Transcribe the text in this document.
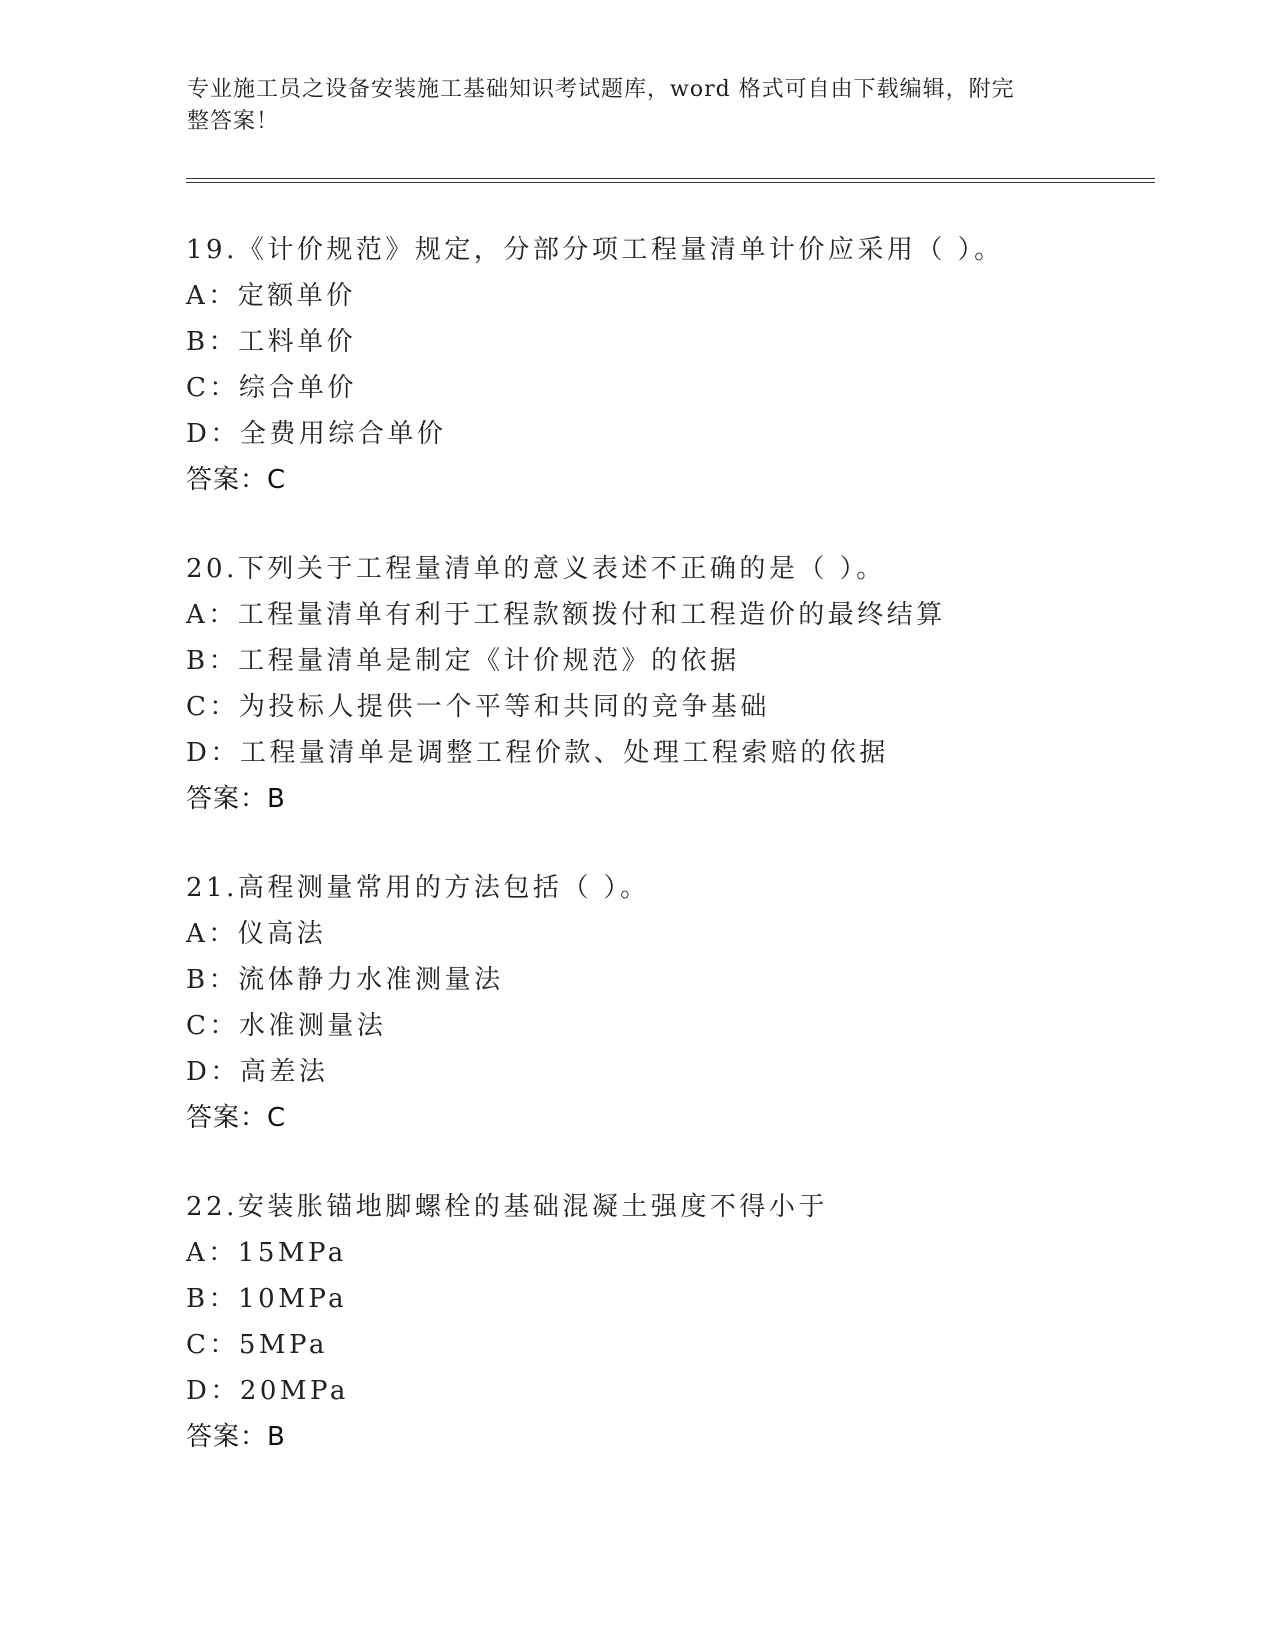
专业施工员之设备安装施工基础知识考试题库，word 格式可自由下载编辑，附完
整答案！
19.《计价规范》规定，分部分项工程量清单计价应采用（ ）。
A：定额单价
B：工料单价
C：综合单价
D：全费用综合单价
答案：C
20.下列关于工程量清单的意义表述不正确的是（ ）。
A：工程量清单有利于工程款额拨付和工程造价的最终结算
B：工程量清单是制定《计价规范》的依据
C：为投标人提供一个平等和共同的竞争基础
D：工程量清单是调整工程价款、处理工程索赔的依据
答案：B
21.高程测量常用的方法包括（ ）。
A：仪高法
B：流体静力水准测量法
C：水准测量法
D：高差法
答案：C
22.安装胀锚地脚螺栓的基础混凝土强度不得小于
A：15MPa
B：10MPa
C：5MPa
D：20MPa
答案：B
